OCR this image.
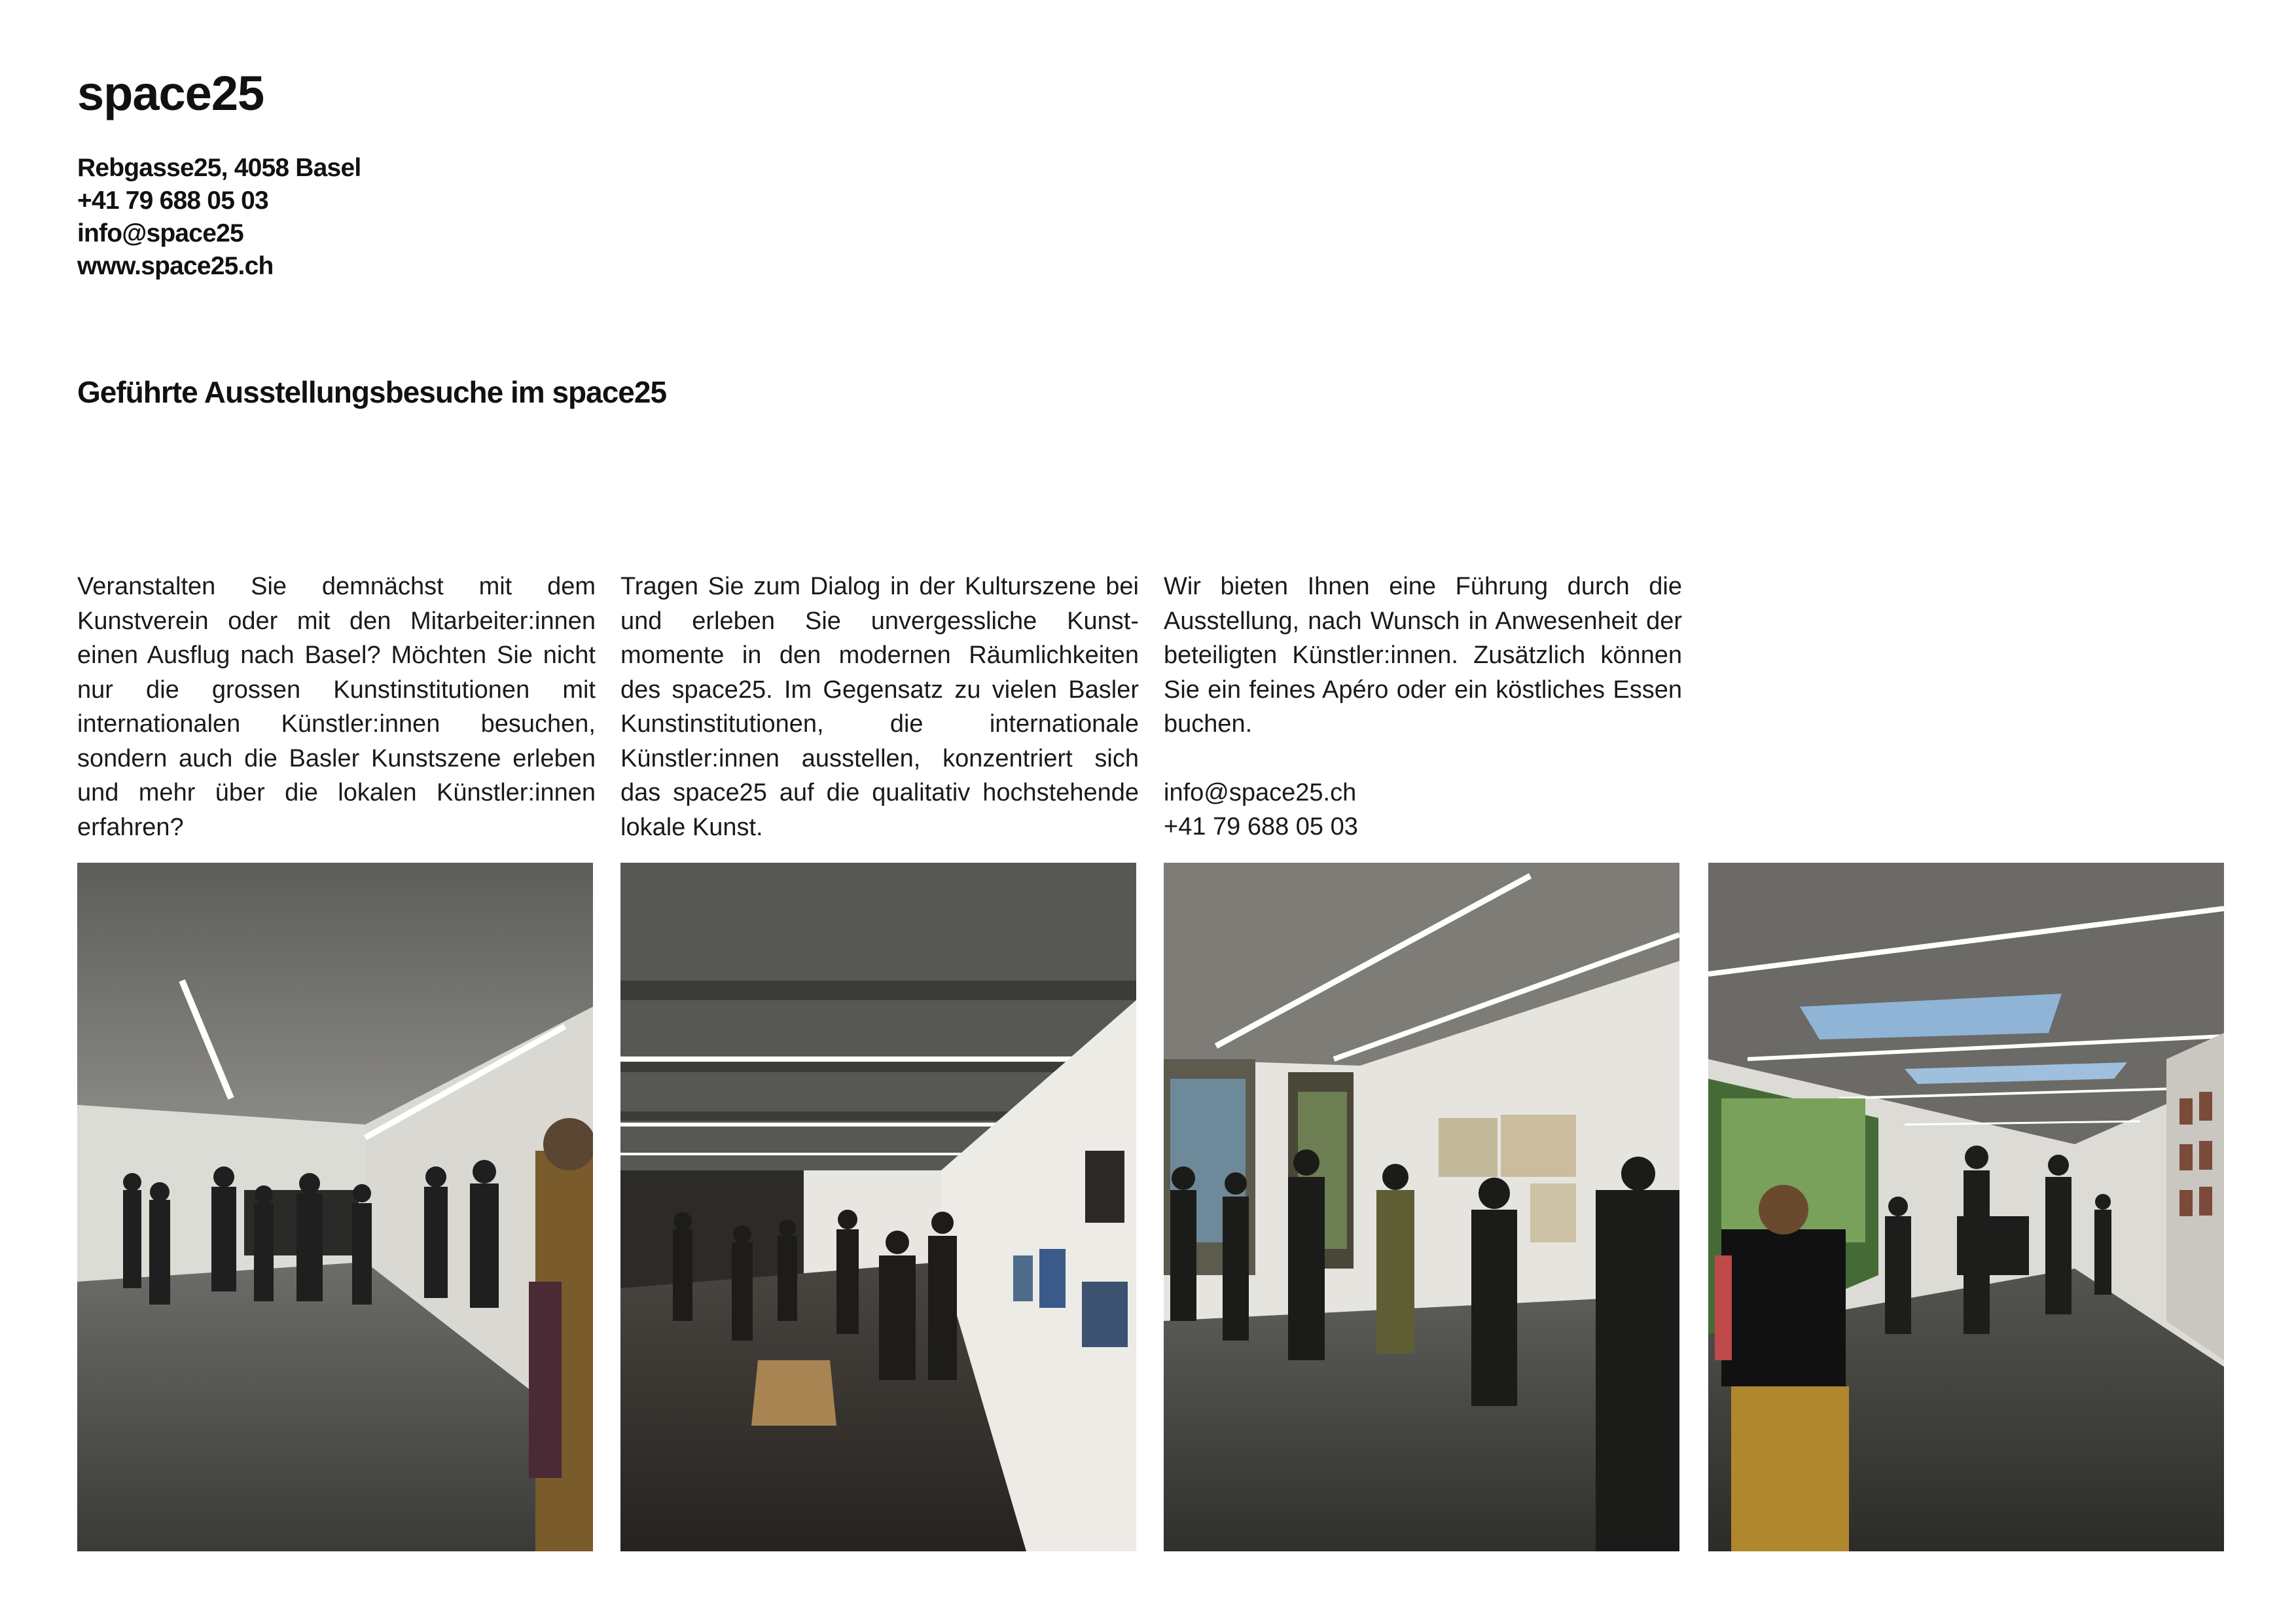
space25
Rebgasse25, 4058 Basel
+41 79 688 05 03
info@space25
www.space25.ch
Geführte Ausstellungsbesuche im space25

Veranstalten Sie demnächst mit dem Kunstverein oder mit den Mitarbeiter:innen einen Ausflug nach Basel? Möchten Sie nicht nur die grossen Kunstinstitutionen mit internationalen Künstler:innen besuchen, sondern auch die Basler Kunstszene erleben und mehr über die lokalen Künstler:innen erfahren?

Tragen Sie zum Dialog in der Kulturszene bei und erleben Sie unvergessliche Kunstmomente in den modernen Räumlichkeiten des space25. Im Gegensatz zu vielen Basler Kunstinstitutionen, die internationale Künstler:innen ausstellen, konzentriert sich das space25 auf die qualitativ hochstehende lokale Kunst.

Wir bieten Ihnen eine Führung durch die Ausstellung, nach Wunsch in Anwesenheit der beteiligten Künstler:innen. Zusätzlich können Sie ein feines Apéro oder ein köstliches Essen buchen.

info@space25.ch

+41 79 688 05 03
